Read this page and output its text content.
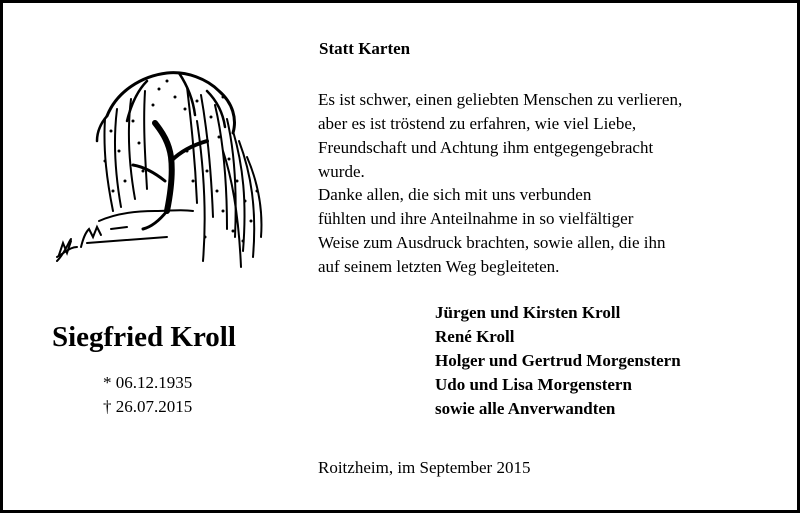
Statt Karten

Es ist schwer, einen geliebten Menschen zu verlieren,
aber es ist tröstend zu erfahren, wie viel Liebe,
Freundschaft und Achtung ihm entgegengebracht
wurde.

Danke allen, die sich mit uns verbunden
fühlten und ihre Anteilnahme in so vielfältiger
Weise zum Ausdruck brachten, sowie allen, die ihn
auf seinem letzten Weg begleiteten.

Siegfried Kroll
* 06.12.1935
† 26.07.2015
Jürgen und Kirsten Kroll
René Kroll
Holger und Gertrud Morgenstern
Udo und Lisa Morgenstern
sowie alle Anverwandten

Roitzheim, im September 2015
